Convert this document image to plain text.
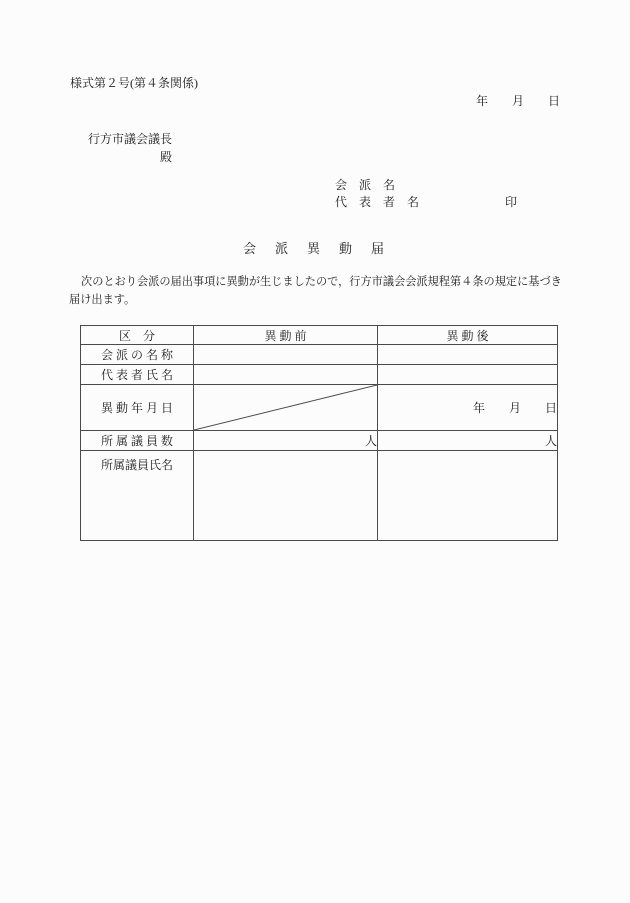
様式第２号(第４条関係)
年　　月　　日
行方市議会議長
殿
会　派　名
代　表　者　名	印
会　派　異　動　届
次のとおり会派の届出事項に異動が生じましたので，行方市議会会派規程第４条の規定に基づき届け出ます。
区　分	異 動 前	異 動 後
会 派 の 名 称		
代 表 者 氏 名		
異 動 年 月 日		年　　月　　日
所 属 議 員 数	人	人
所属議員氏名		
